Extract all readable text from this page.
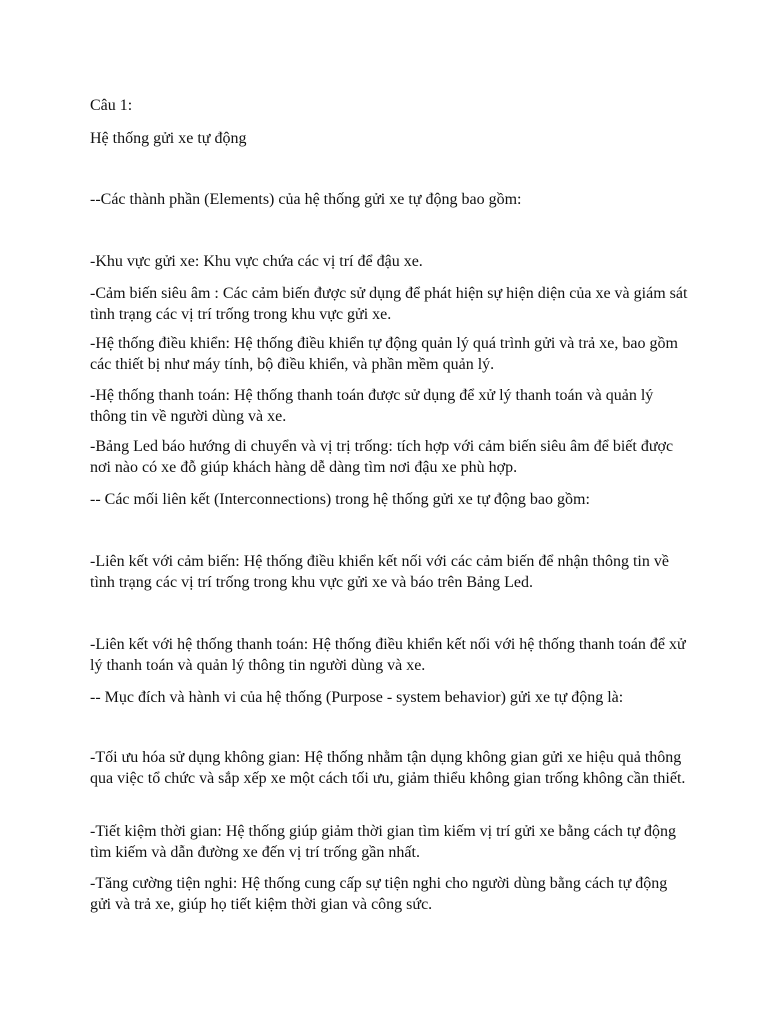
Câu 1:

Hệ thống gửi xe tự động

--Các thành phần (Elements) của hệ thống gửi xe tự động bao gồm:

-Khu vực gửi xe: Khu vực chứa các vị trí để đậu xe.

-Cảm biến siêu âm : Các cảm biến được sử dụng để phát hiện sự hiện diện của xe và giám sát tình trạng các vị trí trống trong khu vực gửi xe.

-Hệ thống điều khiển: Hệ thống điều khiển tự động quản lý quá trình gửi và trả xe, bao gồm các thiết bị như máy tính, bộ điều khiển, và phần mềm quản lý.

-Hệ thống thanh toán: Hệ thống thanh toán được sử dụng để xử lý thanh toán và quản lý thông tin về người dùng và xe.

-Bảng Led báo hướng di chuyển và vị trị trống: tích hợp với cảm biến siêu âm để biết được nơi nào có xe đỗ giúp khách hàng dễ dàng tìm nơi đậu xe phù hợp.

-- Các mối liên kết (Interconnections) trong hệ thống gửi xe tự động bao gồm:

-Liên kết với cảm biến: Hệ thống điều khiển kết nối với các cảm biến để nhận thông tin về tình trạng các vị trí trống trong khu vực gửi xe và báo trên Bảng Led.

-Liên kết với hệ thống thanh toán: Hệ thống điều khiển kết nối với hệ thống thanh toán để xử lý thanh toán và quản lý thông tin người dùng và xe.

-- Mục đích và hành vi của hệ thống (Purpose - system behavior) gửi xe tự động là:

-Tối ưu hóa sử dụng không gian: Hệ thống nhằm tận dụng không gian gửi xe hiệu quả thông qua việc tổ chức và sắp xếp xe một cách tối ưu, giảm thiểu không gian trống không cần thiết.

-Tiết kiệm thời gian: Hệ thống giúp giảm thời gian tìm kiếm vị trí gửi xe bằng cách tự động tìm kiếm và dẫn đường xe đến vị trí trống gần nhất.

-Tăng cường tiện nghi: Hệ thống cung cấp sự tiện nghi cho người dùng bằng cách tự động gửi và trả xe, giúp họ tiết kiệm thời gian và công sức.
